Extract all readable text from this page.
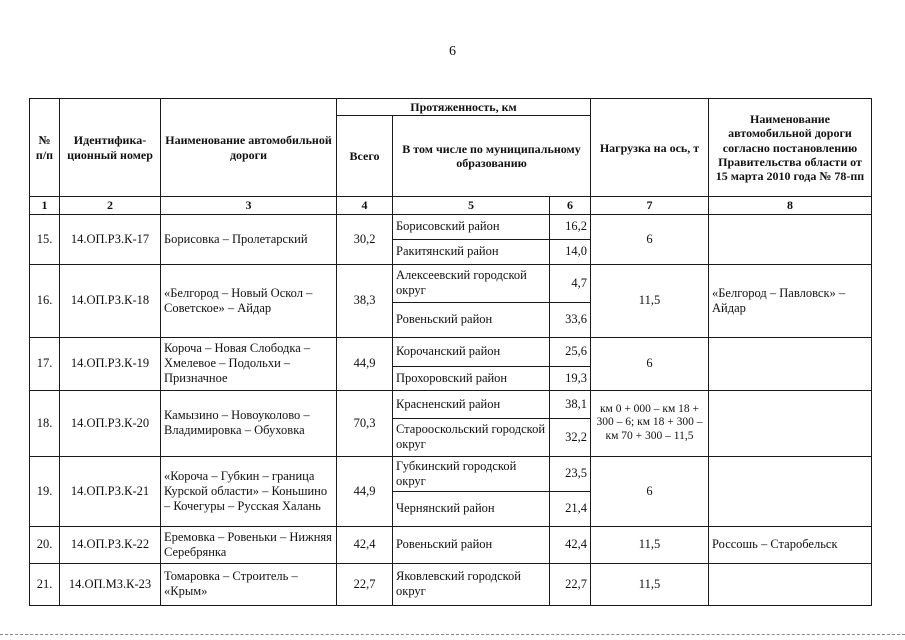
6
№ п/п	Идентифика-ционный номер	Наименование автомобильной дороги	Протяженность, км			Нагрузка на ось, т	Наименование автомобильной дороги согласно постановлению Правительства области от 15 марта 2010 года № 78-пп
			Всего	В том числе по муниципальному образованию			
1	2	3	4	5	6	7	8
15.	14.ОП.РЗ.К-17	Борисовка – Пролетарский	30,2	Борисовский район	16,2	6	
				Ракитянский район	14,0		
16.	14.ОП.РЗ.К-18	«Белгород – Новый Оскол – Советское» – Айдар	38,3	Алексеевский городской округ	4,7	11,5	«Белгород – Павловск» – Айдар
				Ровеньский район	33,6		
17.	14.ОП.РЗ.К-19	Короча – Новая Слободка – Хмелевое – Подольхи – Призначное	44,9	Корочанский район	25,6	6	
				Прохоровский район	19,3		
18.	14.ОП.РЗ.К-20	Камызино – Новоуколово – Владимировка – Обуховка	70,3	Красненский район	38,1	км 0 + 000 – км 18 + 300 – 6; км 18 + 300 – км 70 + 300 – 11,5	
				Старооскольский городской округ	32,2		
19.	14.ОП.РЗ.К-21	«Короча – Губкин – граница Курской области» – Коньшино – Кочегуры – Русская Халань	44,9	Губкинский городской округ	23,5	6	
				Чернянский район	21,4		
20.	14.ОП.РЗ.К-22	Еремовка – Ровеньки – Нижняя Серебрянка	42,4	Ровеньский район	42,4	11,5	Россошь – Старобельск
21.	14.ОП.МЗ.К-23	Томаровка – Строитель – «Крым»	22,7	Яковлевский городской округ	22,7	11,5	
